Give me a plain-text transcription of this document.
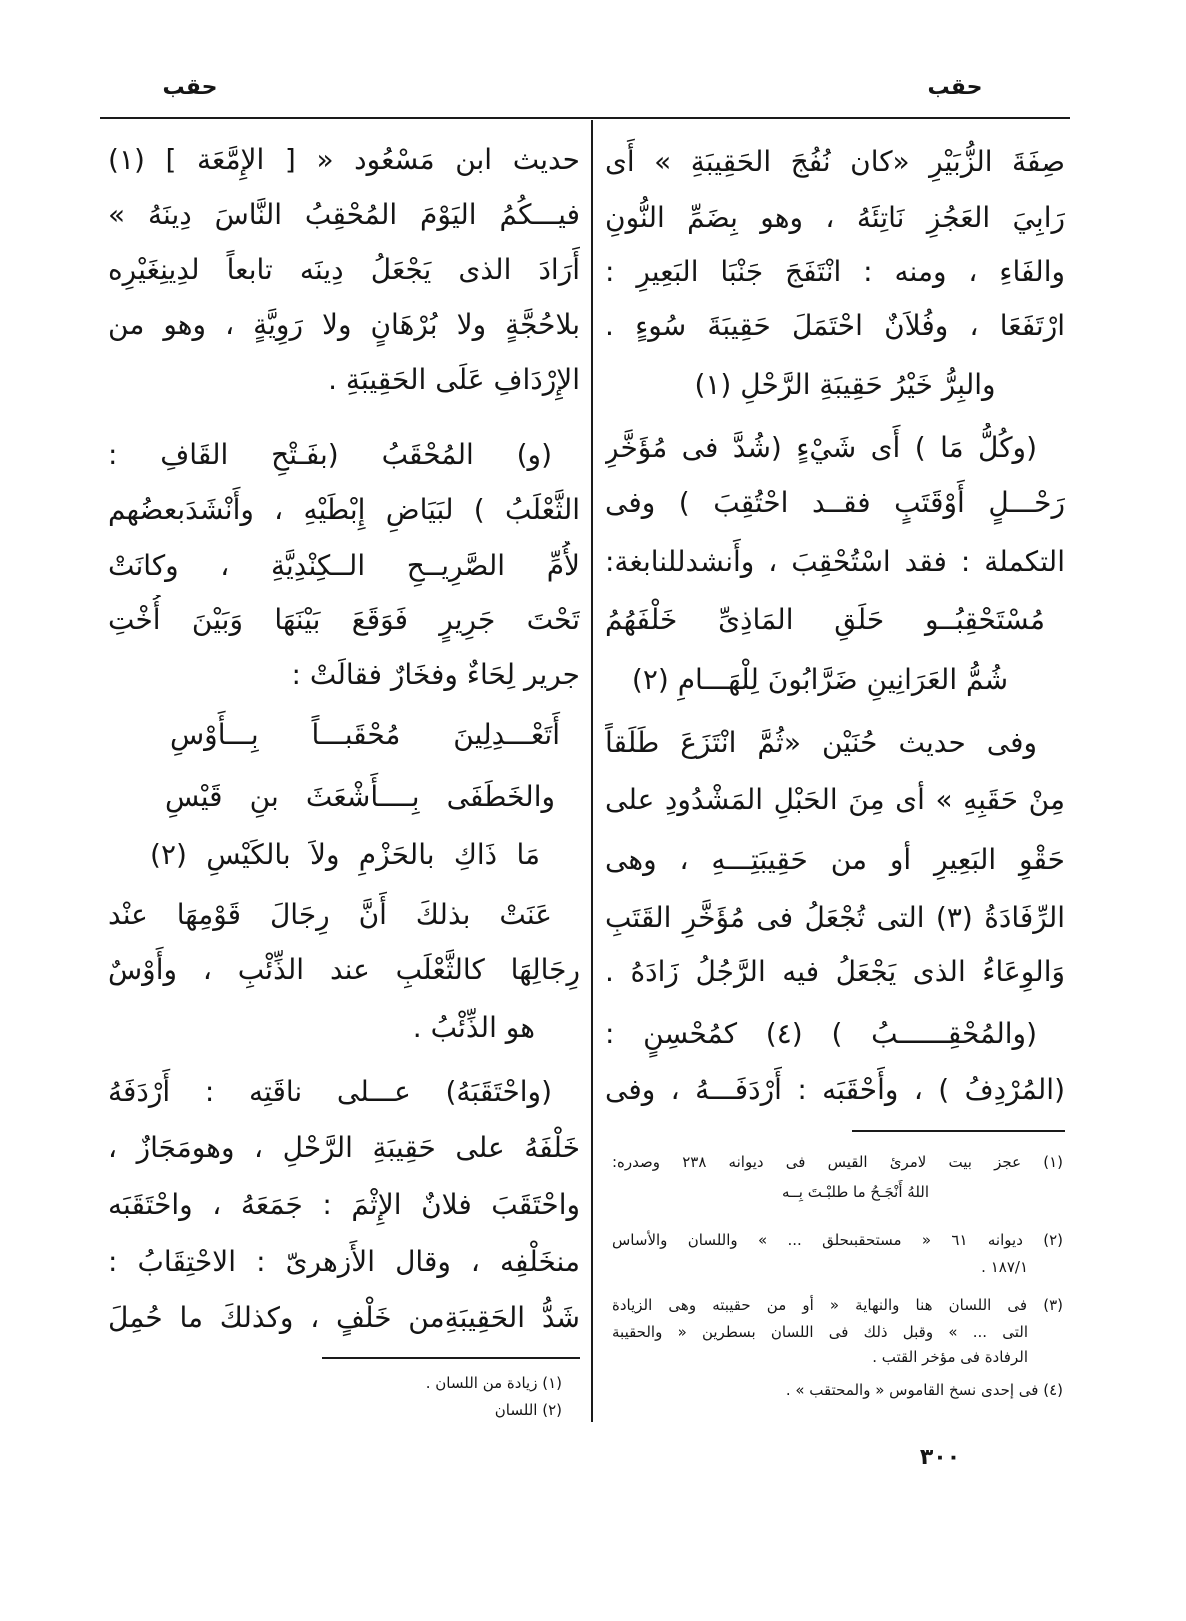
حقب
حقب
صِفَةَ الزُّبَيْرِ «كان نُفُجَ الحَقِيبَةِ » أَى
رَابِيَ العَجُزِ نَاتِئَهُ ، وهو بِضَمِّ النُّونِ
والفَاءِ ، ومنه : انْتَفَجَ جَنْبَا البَعِيرِ :
ارْتَفَعَا ، وفُلاَنٌ احْتَمَلَ حَقِيبَةَ سُوءٍ .
والبِرُّ خَيْرُ حَقِيبَةِ الرَّحْلِ (١)
(وكُلُّ مَا ) أَى شَيْءٍ (شُدَّ فى مُؤَخَّرِ
رَحْـــلٍ أَوْقَتَبٍ فقــد احْتُقِبَ ) وفى
التكملة : فقد اسْتُحْقِبَ ، وأَنشدللنابغة:
مُسْتَحْقِبُــو حَلَقِ المَاذِىِّ خَلْفَهُمُ
شُمُّ العَرَانِينِ ضَرَّابُونَ لِلْهَـــامِ (٢)
وفى حديث حُنَيْن «ثُمَّ انْتَزَعَ طَلَقاً
مِنْ حَقَبِهِ » أى مِنَ الحَبْلِ المَشْدُودِ على
حَقْوِ البَعِيرِ أو من حَقِيبَتِـــهِ ، وهى
الرِّفَادَةُ (٣) التى تُجْعَلُ فى مُؤَخَّرِ القَتَبِ
وَالوِعَاءُ الذى يَجْعَلُ فيه الرَّجُلُ زَادَهُ .
(والمُحْقِــــــبُ ) (٤) كمُحْسِنٍ :
(المُرْدِفُ ) ، وأَحْقَبَه : أَرْدَفَـــهُ ، وفى
(١) عجز بيت لامرئ القيس فى ديوانه ٢٣٨ وصدره:
اللهُ أَنْجَـحُ ما طلبْـتَ بِــه
(٢) ديوانه ٦١ « مستحقبىحلق ... » واللسان والأساس
١٨٧/١ .
(٣) فى اللسان هنا والنهاية « أو من حقيبته وهى الزيادة
التى ... » وقبل ذلك فى اللسان بسطرين « والحقيبة
الرفادة فى مؤخر القتب .
(٤) فى إحدى نسخ القاموس « والمحتقب » .
حديث ابن مَسْعُود « [ الإِمَّعَة ] (١)
فيـــكُمُ اليَوْمَ المُحْقِبُ النَّاسَ دِينَهُ »
أَرَادَ الذى يَجْعَلُ دِينَه تابعاً لدِينِغَيْرِه
بلاحُجَّةٍ ولا بُرْهَانٍ ولا رَوِيَّةٍ ، وهو من
الإِرْدَافِ عَلَى الحَقِيبَةِ .
(و) المُحْقَبُ (بفَـتْحِ القَافِ :
الثَّعْلَبُ ) لبَيَاضِ إِبْطَيْهِ ، وأَنْشَدَبعضُهم
لأُمِّ الصَّرِيــحِ الــكِنْدِيَّةِ ، وكانَتْ
تَحْتَ جَرِيرٍ فَوَقَعَ بَيْنَهَا وَبَيْنَ أُخْتِ
جرير لِحَاءٌ وفخَارٌ فقالَتْ :
أَتَعْـــدِلِينَ مُحْقَبـــاً بِـــأَوْسِ
والخَطَفَى بِــــأَشْعَثَ بنِ قَيْسِ
مَا ذَاكِ بالحَزْمِ ولاَ بالكَيْسِ (٢)
عَنَتْ بذلكَ أَنَّ رِجَالَ قَوْمِهَا عنْد
رِجَالِهَا كالثَّعْلَبِ عند الذِّئْبِ ، وأَوْسٌ
هو الذِّئْبُ .
(واحْتَقَبَهُ) عـــلى ناقَتِه : أَرْدَفَهُ
خَلْفَهُ على حَقِيبَةِ الرَّحْلِ ، وهومَجَازٌ ،
واحْتَقَبَ فلانٌ الإِثْمَ : جَمَعَهُ ، واحْتَقَبَه
منخَلْفِه ، وقال الأَزهرىّ : الاحْتِقَابُ :
شَدُّ الحَقِيبَةِمن خَلْفٍ ، وكذلكَ ما حُمِلَ
(١) زيادة من اللسان .
(٢) اللسان
٣٠٠
